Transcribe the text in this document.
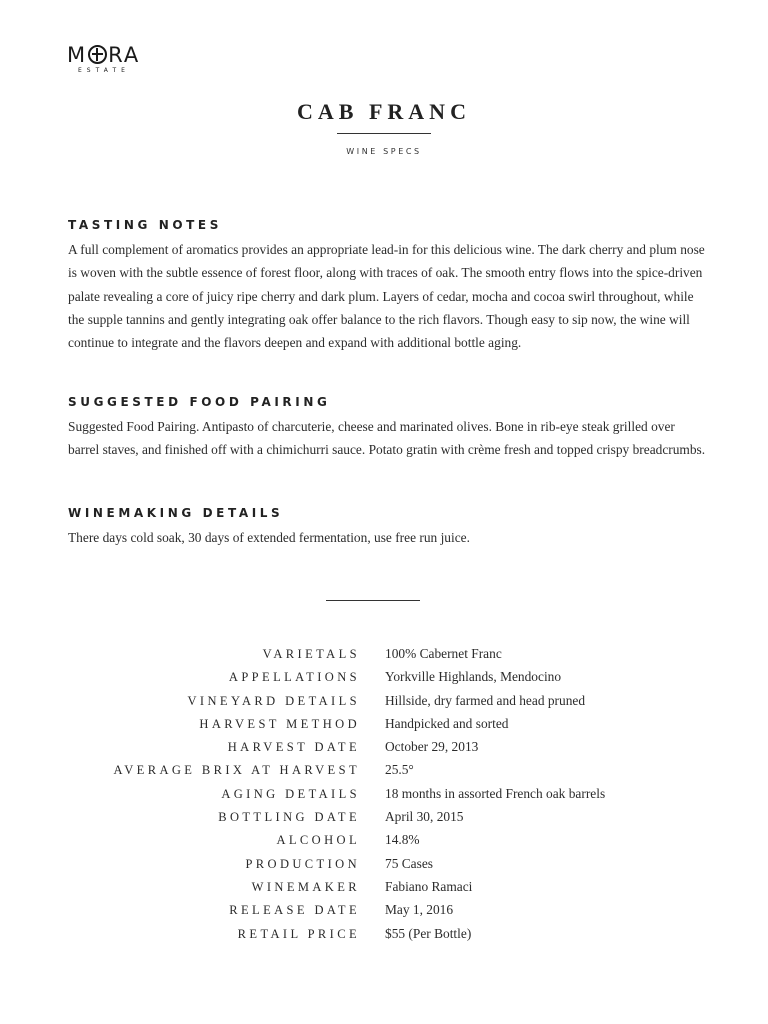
M RA
ESTATE
CAB FRANC
WINE SPECS
TASTING NOTES

A full complement of aromatics provides an appropriate lead-in for this delicious wine. The dark cherry and plum nose is woven with the subtle essence of forest floor, along with traces of oak. The smooth entry flows into the spice-driven palate revealing a core of juicy ripe cherry and dark plum. Layers of cedar, mocha and cocoa swirl throughout, while the supple tannins and gently integrating oak offer balance to the rich flavors. Though easy to sip now, the wine will continue to integrate and the flavors deepen and expand with additional bottle aging.

SUGGESTED FOOD PAIRING

Suggested Food Pairing. Antipasto of charcuterie, cheese and marinated olives. Bone in rib-eye steak grilled over barrel staves, and finished off with a chimichurri sauce. Potato gratin with crème fresh and topped crispy breadcrumbs.

WINEMAKING DETAILS

There days cold soak, 30 days of extended fermentation, use free run juice.

VARIETALS 100% Cabernet Franc
APPELLATIONS Yorkville Highlands, Mendocino
VINEYARD DETAILS Hillside, dry farmed and head pruned
HARVEST METHOD Handpicked and sorted
HARVEST DATE October 29, 2013
AVERAGE BRIX AT HARVEST 25.5°
AGING DETAILS 18 months in assorted French oak barrels
BOTTLING DATE April 30, 2015
ALCOHOL 14.8%
PRODUCTION 75 Cases
WINEMAKER Fabiano Ramaci
RELEASE DATE May 1, 2016
RETAIL PRICE $55 (Per Bottle)
